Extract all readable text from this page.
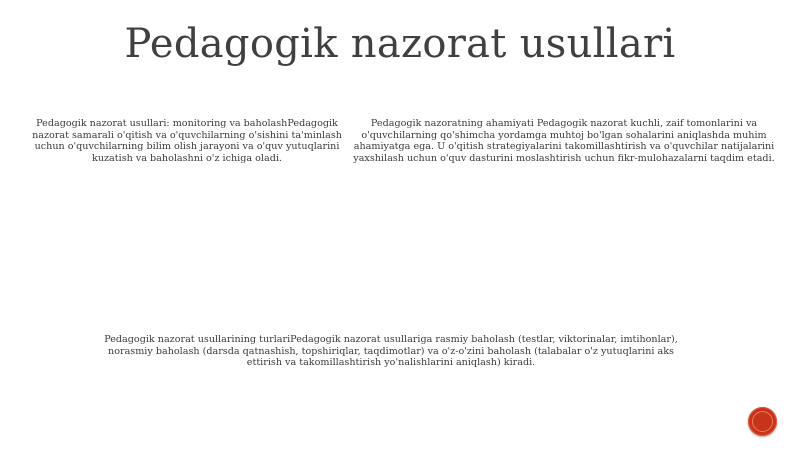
Pedagogik nazorat usullari

Pedagogik nazorat usullari: monitoring va baholashPedagogik nazorat samarali o'qitish va o'quvchilarning o'sishini ta'minlash uchun o'quvchilarning bilim olish jarayoni va o'quv yutuqlarini kuzatish va baholashni o'z ichiga oladi.

Pedagogik nazoratning ahamiyati Pedagogik nazorat kuchli, zaif tomonlarini va o'quvchilarning qo'shimcha yordamga muhtoj bo'lgan sohalarini aniqlashda muhim ahamiyatga ega. U o'qitish strategiyalarini takomillashtirish va o'quvchilar natijalarini yaxshilash uchun o'quv dasturini moslashtirish uchun fikr-mulohazalarni taqdim etadi.

Pedagogik nazorat usullarining turlariPedagogik nazorat usullariga rasmiy baholash (testlar, viktorinalar, imtihonlar), norasmiy baholash (darsda qatnashish, topshiriqlar, taqdimotlar) va o'z-o'zini baholash (talabalar o'z yutuqlarini aks ettirish va takomillashtirish yo'nalishlarini aniqlash) kiradi.
